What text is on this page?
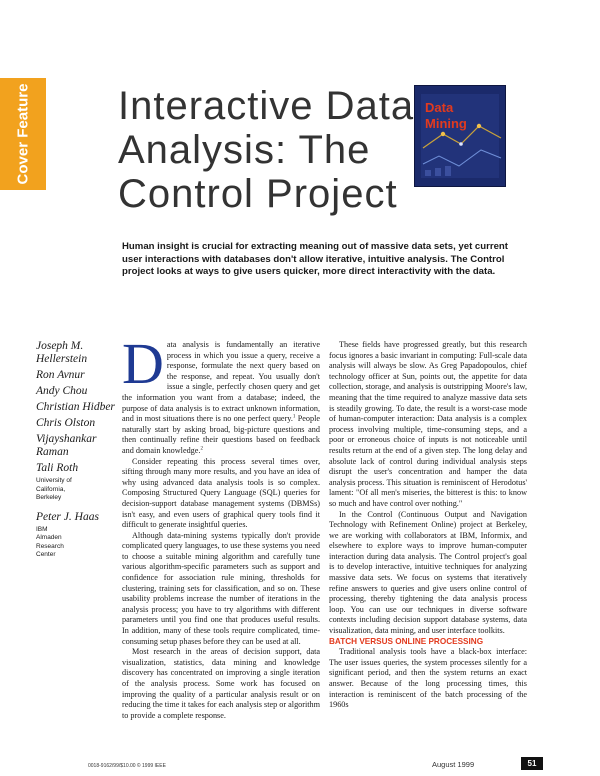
Cover Feature Interactive Data Analysis: The Control Project
Data
Mining

Human insight is crucial for extracting meaning out of massive data sets, yet current user interactions with databases don't allow iterative, intuitive analysis. The Control project looks at ways to give users quicker, more direct interactivity with the data.

Joseph M. Hellerstein
Ron Avnur
Andy Chou
Christian Hidber
Chris Olston
Vijayshankar Raman
Tali Roth
University of
California,
Berkeley
Peter J. Haas
IBM
Almaden
Research
Center

Data analysis is fundamentally an iterative process in which you issue a query, receive a response, formulate the next query based on the response, and repeat. You usually don't issue a single, perfectly chosen query and get the information you want from a database; indeed, the purpose of data analysis is to extract unknown information, and in most situations there is no one perfect query.$^1$ People naturally start by asking broad, big-picture questions and then continually refine their questions based on feedback and domain knowledge.$^2$

Consider repeating this process several times over, sifting through many more results, and you have an idea of why using advanced data analysis tools is so complex. Composing Structured Query Language (SQL) queries for decision-support database management systems (DBMSs) isn't easy, and even users of graphical query tools find it difficult to generate insightful queries.

Although data-mining systems typically don't provide complicated query languages, to use these systems you need to choose a suitable mining algorithm and carefully tune various algorithm-specific parameters such as support and confidence for association rule mining, thresholds for clustering, training sets for classification, and so on. These usability problems increase the number of iterations in the analysis process; you have to try algorithms with different parameters until you find one that produces useful results. In addition, many of these tools require complicated, time-consuming setup phases before they can be used at all.

Most research in the areas of decision support, data visualization, statistics, data mining and knowledge discovery has concentrated on improving a single iteration of the analysis process. Some work has focused on improving the quality of a particular analysis result or on reducing the time it takes for each analysis step or algorithm to provide a complete response.

These fields have progressed greatly, but this research focus ignores a basic invariant in computing: Full-scale data analysis will always be slow. As Greg Papadopoulos, chief technology officer at Sun, points out, the appetite for data collection, storage, and analysis is outstripping Moore's law, meaning that the time required to analyze massive data sets is steadily growing. To date, the result is a worst-case mode of human-computer interaction: Data analysis is a complex process involving multiple, time-consuming steps, and a poor or erroneous choice of inputs is not noticeable until results return at the end of a given step. The long delay and absolute lack of control during individual analysis steps disrupt the user's concentration and hamper the data analysis process. This situation is reminiscent of Herodotus' lament: "Of all men's miseries, the bitterest is this: to know so much and have control over nothing."

In the Control (Continuous Output and Navigation Technology with Refinement Online) project at Berkeley, we are working with collaborators at IBM, Informix, and elsewhere to explore ways to improve human-computer interaction during data analysis. The Control project's goal is to develop interactive, intuitive techniques for analyzing massive data sets. We focus on systems that iteratively refine answers to queries and give users online control of processing, thereby tightening the data analysis process loop. You can use our techniques in diverse software contexts including decision support database systems, data visualization, data mining, and user interface toolkits.

BATCH VERSUS ONLINE PROCESSING

Traditional analysis tools have a black-box interface: The user issues queries, the system processes silently for a significant period, and then the system returns an exact answer. Because of the long processing times, this interaction is reminiscent of the batch processing of the 1960s

0018-9162/99/$10.00 © 1999 IEEE	August 1999	51
